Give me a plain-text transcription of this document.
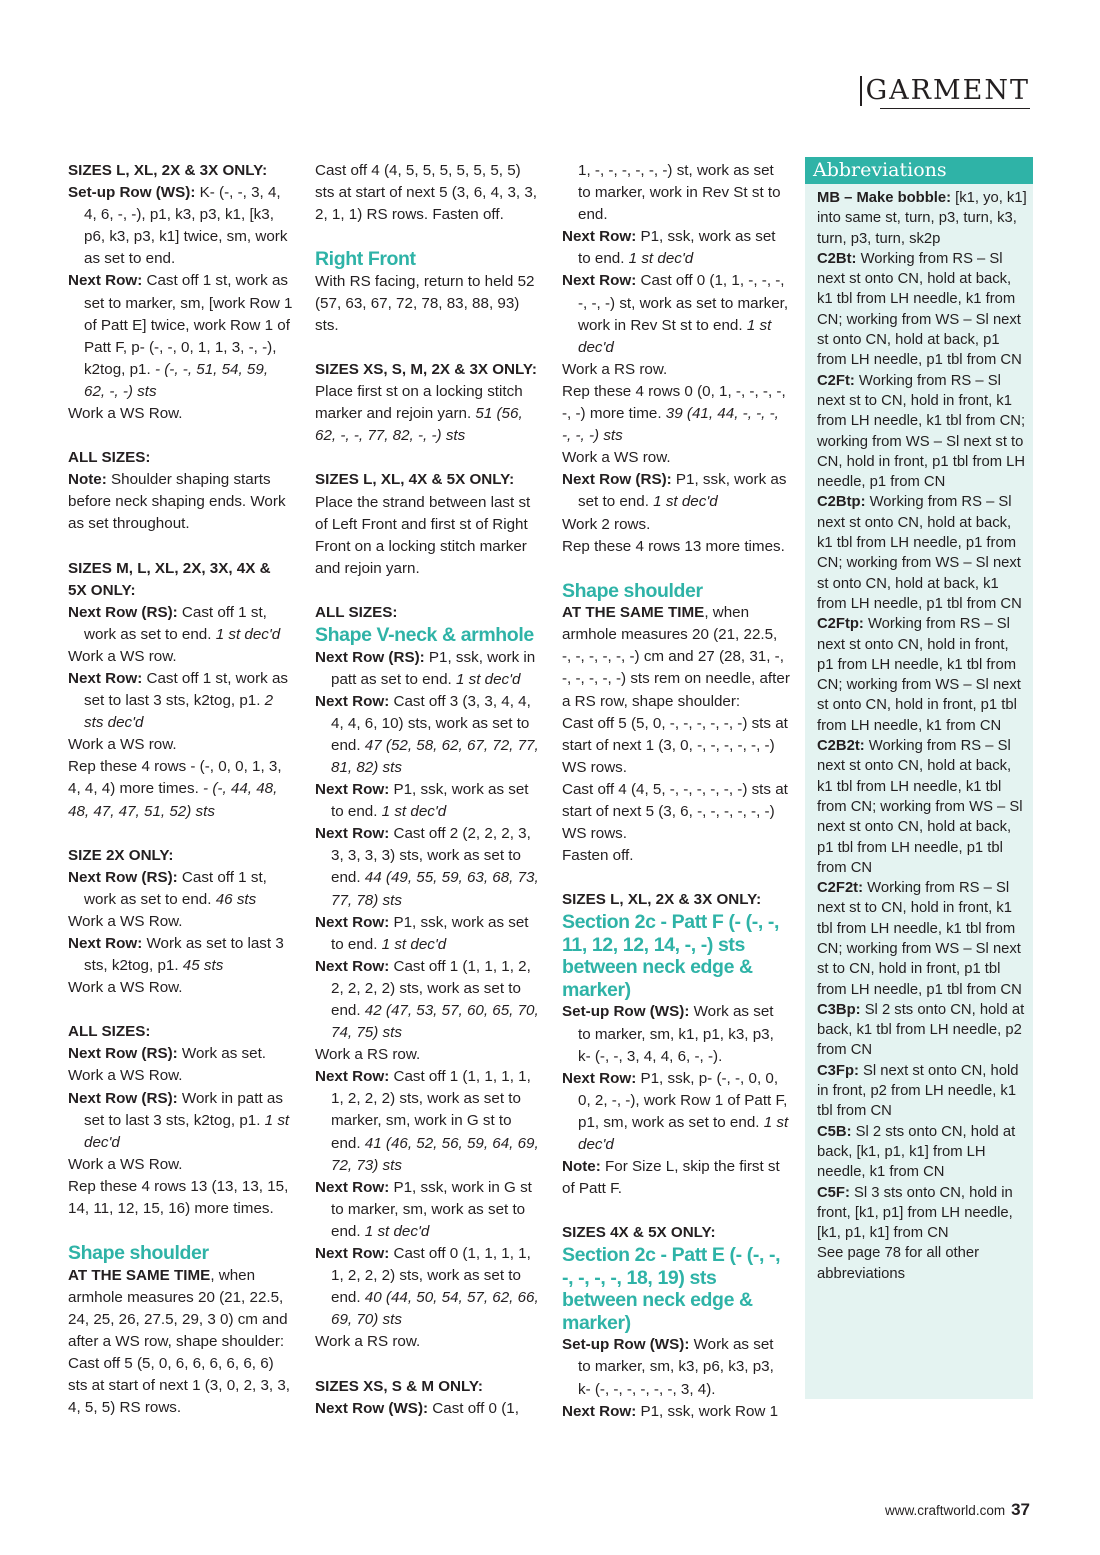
GARMENT

SIZES L, XL, 2X & 3X ONLY:

Set-up Row (WS): K- (-, -, 3, 4, 4, 6, -, -), p1, k3, p3, k1, [k3, p6, k3, p3, k1] twice, sm, work as set to end.

Next Row: Cast off 1 st, work as set to marker, sm, [work Row 1 of Patt E] twice, work Row 1 of Patt F, p- (-, -, 0, 1, 1, 3, -, -), k2tog, p1. - (-, -, 51, 54, 59, 62, -, -) sts

Work a WS Row.

ALL SIZES:

Note: Shoulder shaping starts before neck shaping ends. Work as set throughout.

SIZES M, L, XL, 2X, 3X, 4X & 5X ONLY:

Next Row (RS): Cast off 1 st, work as set to end. 1 st dec'd

Work a WS row.

Next Row: Cast off 1 st, work as set to last 3 sts, k2tog, p1. 2 sts dec'd

Work a WS row.

Rep these 4 rows - (-, 0, 0, 1, 3, 4, 4, 4) more times. - (-, 44, 48, 48, 47, 47, 51, 52) sts

SIZE 2X ONLY:

Next Row (RS): Cast off 1 st, work as set to end. 46 sts

Work a WS Row.

Next Row: Work as set to last 3 sts, k2tog, p1. 45 sts

Work a WS Row.

ALL SIZES:

Next Row (RS): Work as set.

Work a WS Row.

Next Row (RS): Work in patt as set to last 3 sts, k2tog, p1. 1 st dec'd

Work a WS Row.

Rep these 4 rows 13 (13, 13, 15, 14, 11, 12, 15, 16) more times.

Shape shoulder

AT THE SAME TIME, when armhole measures 20 (21, 22.5, 24, 25, 26, 27.5, 29, 3 0) cm and after a WS row, shape shoulder:

Cast off 5 (5, 0, 6, 6, 6, 6, 6, 6) sts at start of next 1 (3, 0, 2, 3, 3, 4, 5, 5) RS rows.

Cast off 4 (4, 5, 5, 5, 5, 5, 5, 5) sts at start of next 5 (3, 6, 4, 3, 3, 2, 1, 1) RS rows. Fasten off.

Right Front

With RS facing, return to held 52 (57, 63, 67, 72, 78, 83, 88, 93) sts.

SIZES XS, S, M, 2X & 3X ONLY:

Place first st on a locking stitch marker and rejoin yarn. 51 (56, 62, -, -, 77, 82, -, -) sts

SIZES L, XL, 4X & 5X ONLY:

Place the strand between last st of Left Front and first st of Right Front on a locking stitch marker and rejoin yarn.

ALL SIZES:

Shape V-neck & armhole

Next Row (RS): P1, ssk, work in patt as set to end. 1 st dec'd

Next Row: Cast off 3 (3, 3, 4, 4, 4, 4, 6, 10) sts, work as set to end. 47 (52, 58, 62, 67, 72, 77, 81, 82) sts

Next Row: P1, ssk, work as set to end. 1 st dec'd

Next Row: Cast off 2 (2, 2, 2, 3, 3, 3, 3, 3) sts, work as set to end. 44 (49, 55, 59, 63, 68, 73, 77, 78) sts

Next Row: P1, ssk, work as set to end. 1 st dec'd

Next Row: Cast off 1 (1, 1, 1, 2, 2, 2, 2, 2) sts, work as set to end. 42 (47, 53, 57, 60, 65, 70, 74, 75) sts

Work a RS row.

Next Row: Cast off 1 (1, 1, 1, 1, 1, 2, 2, 2) sts, work as set to marker, sm, work in G st to end. 41 (46, 52, 56, 59, 64, 69, 72, 73) sts

Next Row: P1, ssk, work in G st to marker, sm, work as set to end. 1 st dec'd

Next Row: Cast off 0 (1, 1, 1, 1, 1, 2, 2, 2) sts, work as set to end. 40 (44, 50, 54, 57, 62, 66, 69, 70) sts

Work a RS row.

SIZES XS, S & M ONLY:

Next Row (WS): Cast off 0 (1,

1, -, -, -, -, -, -) st, work as set to marker, work in Rev St st to end.

Next Row: P1, ssk, work as set to end. 1 st dec'd

Next Row: Cast off 0 (1, 1, -, -, -, -, -, -) st, work as set to marker, work in Rev St st to end. 1 st dec'd

Work a RS row.

Rep these 4 rows 0 (0, 1, -, -, -, -, -, -) more time. 39 (41, 44, -, -, -, -, -, -) sts

Work a WS row.

Next Row (RS): P1, ssk, work as set to end. 1 st dec'd

Work 2 rows.

Rep these 4 rows 13 more times.

Shape shoulder

AT THE SAME TIME, when armhole measures 20 (21, 22.5, -, -, -, -, -, -) cm and 27 (28, 31, -, -, -, -, -, -) sts rem on needle, after a RS row, shape shoulder:

Cast off 5 (5, 0, -, -, -, -, -, -) sts at start of next 1 (3, 0, -, -, -, -, -, -) WS rows.

Cast off 4 (4, 5, -, -, -, -, -, -) sts at start of next 5 (3, 6, -, -, -, -, -, -) WS rows.

Fasten off.

SIZES L, XL, 2X & 3X ONLY:

Section 2c - Patt F (- (-, -, 11, 12, 12, 14, -, -) sts between neck edge & marker)

Set-up Row (WS): Work as set to marker, sm, k1, p1, k3, p3, k- (-, -, 3, 4, 4, 6, -, -).

Next Row: P1, ssk, p- (-, -, 0, 0, 0, 2, -, -), work Row 1 of Patt F, p1, sm, work as set to end. 1 st dec'd

Note: For Size L, skip the first st of Patt F.

SIZES 4X & 5X ONLY:

Section 2c - Patt E (- (-, -, -, -, -, -, 18, 19) sts between neck edge & marker)

Set-up Row (WS): Work as set to marker, sm, k3, p6, k3, p3, k- (-, -, -, -, -, -, 3, 4).

Next Row: P1, ssk, work Row 1

Abbreviations

MB – Make bobble: [k1, yo, k1] into same st, turn, p3, turn, k3, turn, p3, turn, sk2p

C2Bt: Working from RS – Sl next st onto CN, hold at back, k1 tbl from LH needle, k1 from CN; working from WS – Sl next st onto CN, hold at back, p1 from LH needle, p1 tbl from CN

C2Ft: Working from RS – Sl next st to CN, hold in front, k1 from LH needle, k1 tbl from CN; working from WS – Sl next st to CN, hold in front, p1 tbl from LH needle, p1 from CN

C2Btp: Working from RS – Sl next st onto CN, hold at back, k1 tbl from LH needle, p1 from CN; working from WS – Sl next st onto CN, hold at back, k1 from LH needle, p1 tbl from CN

C2Ftp: Working from RS – Sl next st onto CN, hold in front, p1 from LH needle, k1 tbl from CN; working from WS – Sl next st onto CN, hold in front, p1 tbl from LH needle, k1 from CN

C2B2t: Working from RS – Sl next st onto CN, hold at back, k1 tbl from LH needle, k1 tbl from CN; working from WS – Sl next st onto CN, hold at back, p1 tbl from LH needle, p1 tbl from CN

C2F2t: Working from RS – Sl next st to CN, hold in front, k1 tbl from LH needle, k1 tbl from CN; working from WS – Sl next st to CN, hold in front, p1 tbl from LH needle, p1 tbl from CN

C3Bp: Sl 2 sts onto CN, hold at back, k1 tbl from LH needle, p2 from CN

C3Fp: Sl next st onto CN, hold in front, p2 from LH needle, k1 tbl from CN

C5B: Sl 2 sts onto CN, hold at back, [k1, p1, k1] from LH needle, k1 from CN

C5F: Sl 3 sts onto CN, hold in front, [k1, p1] from LH needle, [k1, p1, k1] from CN

See page 78 for all other abbreviations

www.craftworld.com 37
